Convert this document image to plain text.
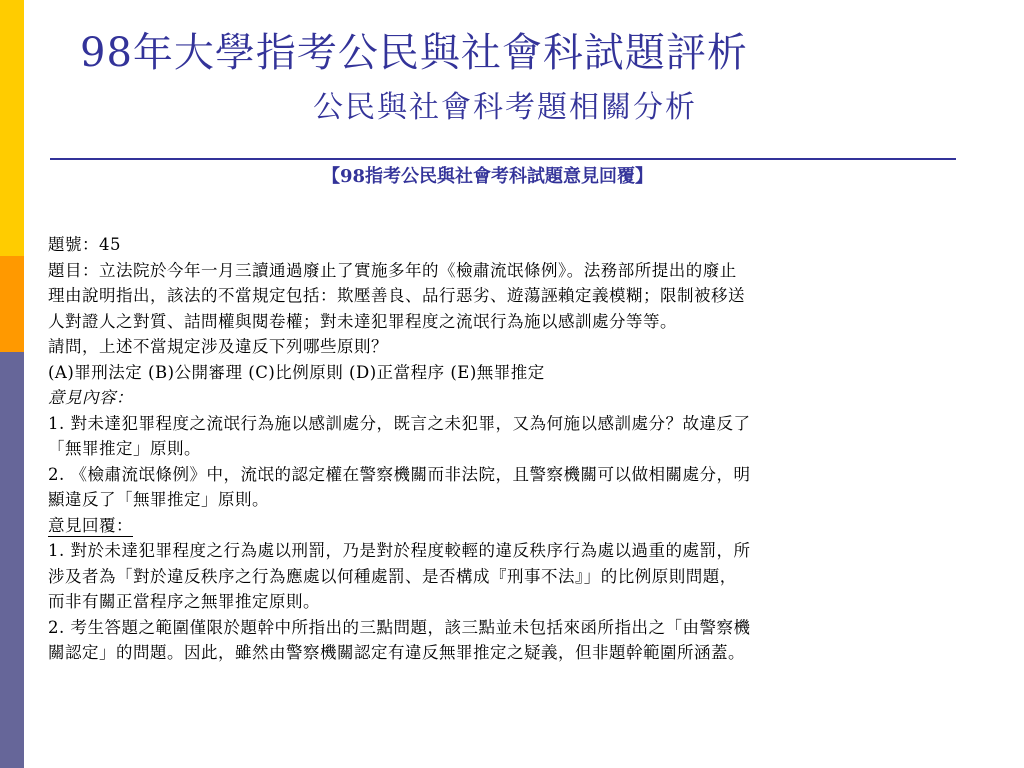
98年大學指考公民與社會科試題評析
公民與社會科考題相關分析
【98指考公民與社會考科試題意見回覆】
題號：45
題目：立法院於今年一月三讀通過廢止了實施多年的《檢肅流氓條例》。法務部所提出的廢止
理由說明指出，該法的不當規定包括：欺壓善良、品行惡劣、遊蕩誣賴定義模糊；限制被移送
人對證人之對質、詰問權與閱卷權；對未達犯罪程度之流氓行為施以感訓處分等等。
請問，上述不當規定涉及違反下列哪些原則？
(A)罪刑法定 (B)公開審理 (C)比例原則 (D)正當程序 (E)無罪推定
意見內容：
1. 對未達犯罪程度之流氓行為施以感訓處分，既言之未犯罪，又為何施以感訓處分？故違反了
「無罪推定」原則。
2. 《檢肅流氓條例》中，流氓的認定權在警察機關而非法院，且警察機關可以做相關處分，明
顯違反了「無罪推定」原則。
意見回覆：
1. 對於未達犯罪程度之行為處以刑罰，乃是對於程度較輕的違反秩序行為處以過重的處罰，所
涉及者為「對於違反秩序之行為應處以何種處罰、是否構成『刑事不法』」的比例原則問題，
而非有關正當程序之無罪推定原則。
2. 考生答題之範圍僅限於題幹中所指出的三點問題，該三點並未包括來函所指出之「由警察機
關認定」的問題。因此，雖然由警察機關認定有違反無罪推定之疑義，但非題幹範圍所涵蓋。
